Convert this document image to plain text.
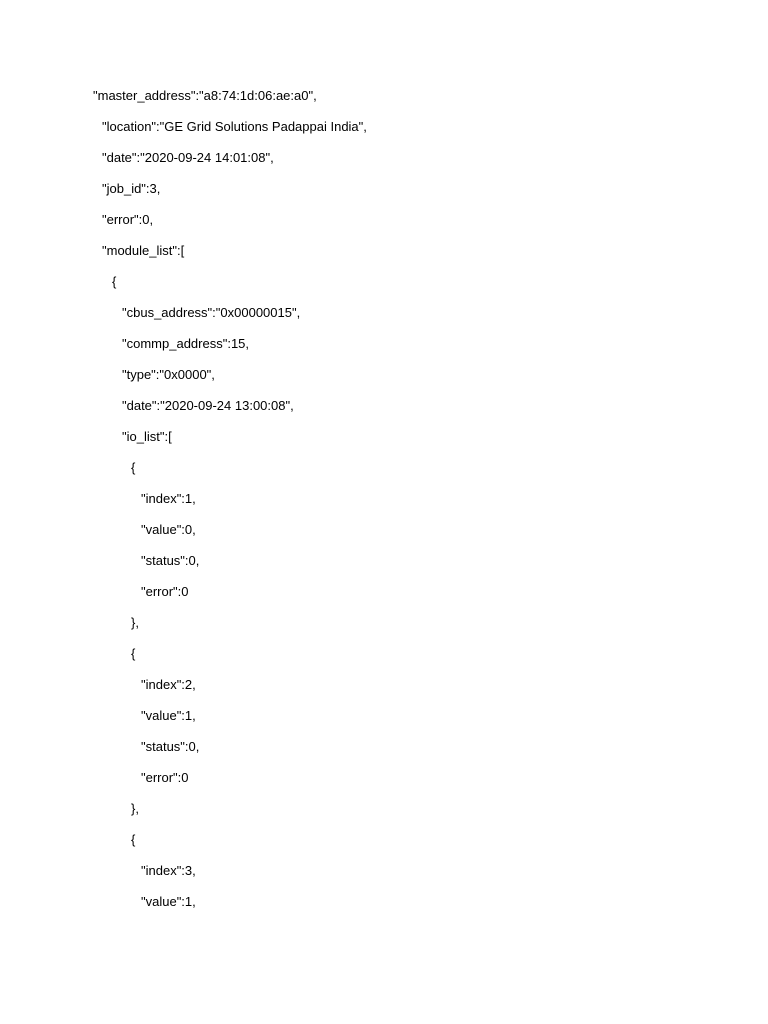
"master_address":"a8:74:1d:06:ae:a0",
"location":"GE Grid Solutions Padappai India",
"date":"2020-09-24 14:01:08",
"job_id":3,
"error":0,
"module_list":[
{
"cbus_address":"0x00000015",
"commp_address":15,
"type":"0x0000",
"date":"2020-09-24 13:00:08",
"io_list":[
{
"index":1,
"value":0,
"status":0,
"error":0
},
{
"index":2,
"value":1,
"status":0,
"error":0
},
{
"index":3,
"value":1,
